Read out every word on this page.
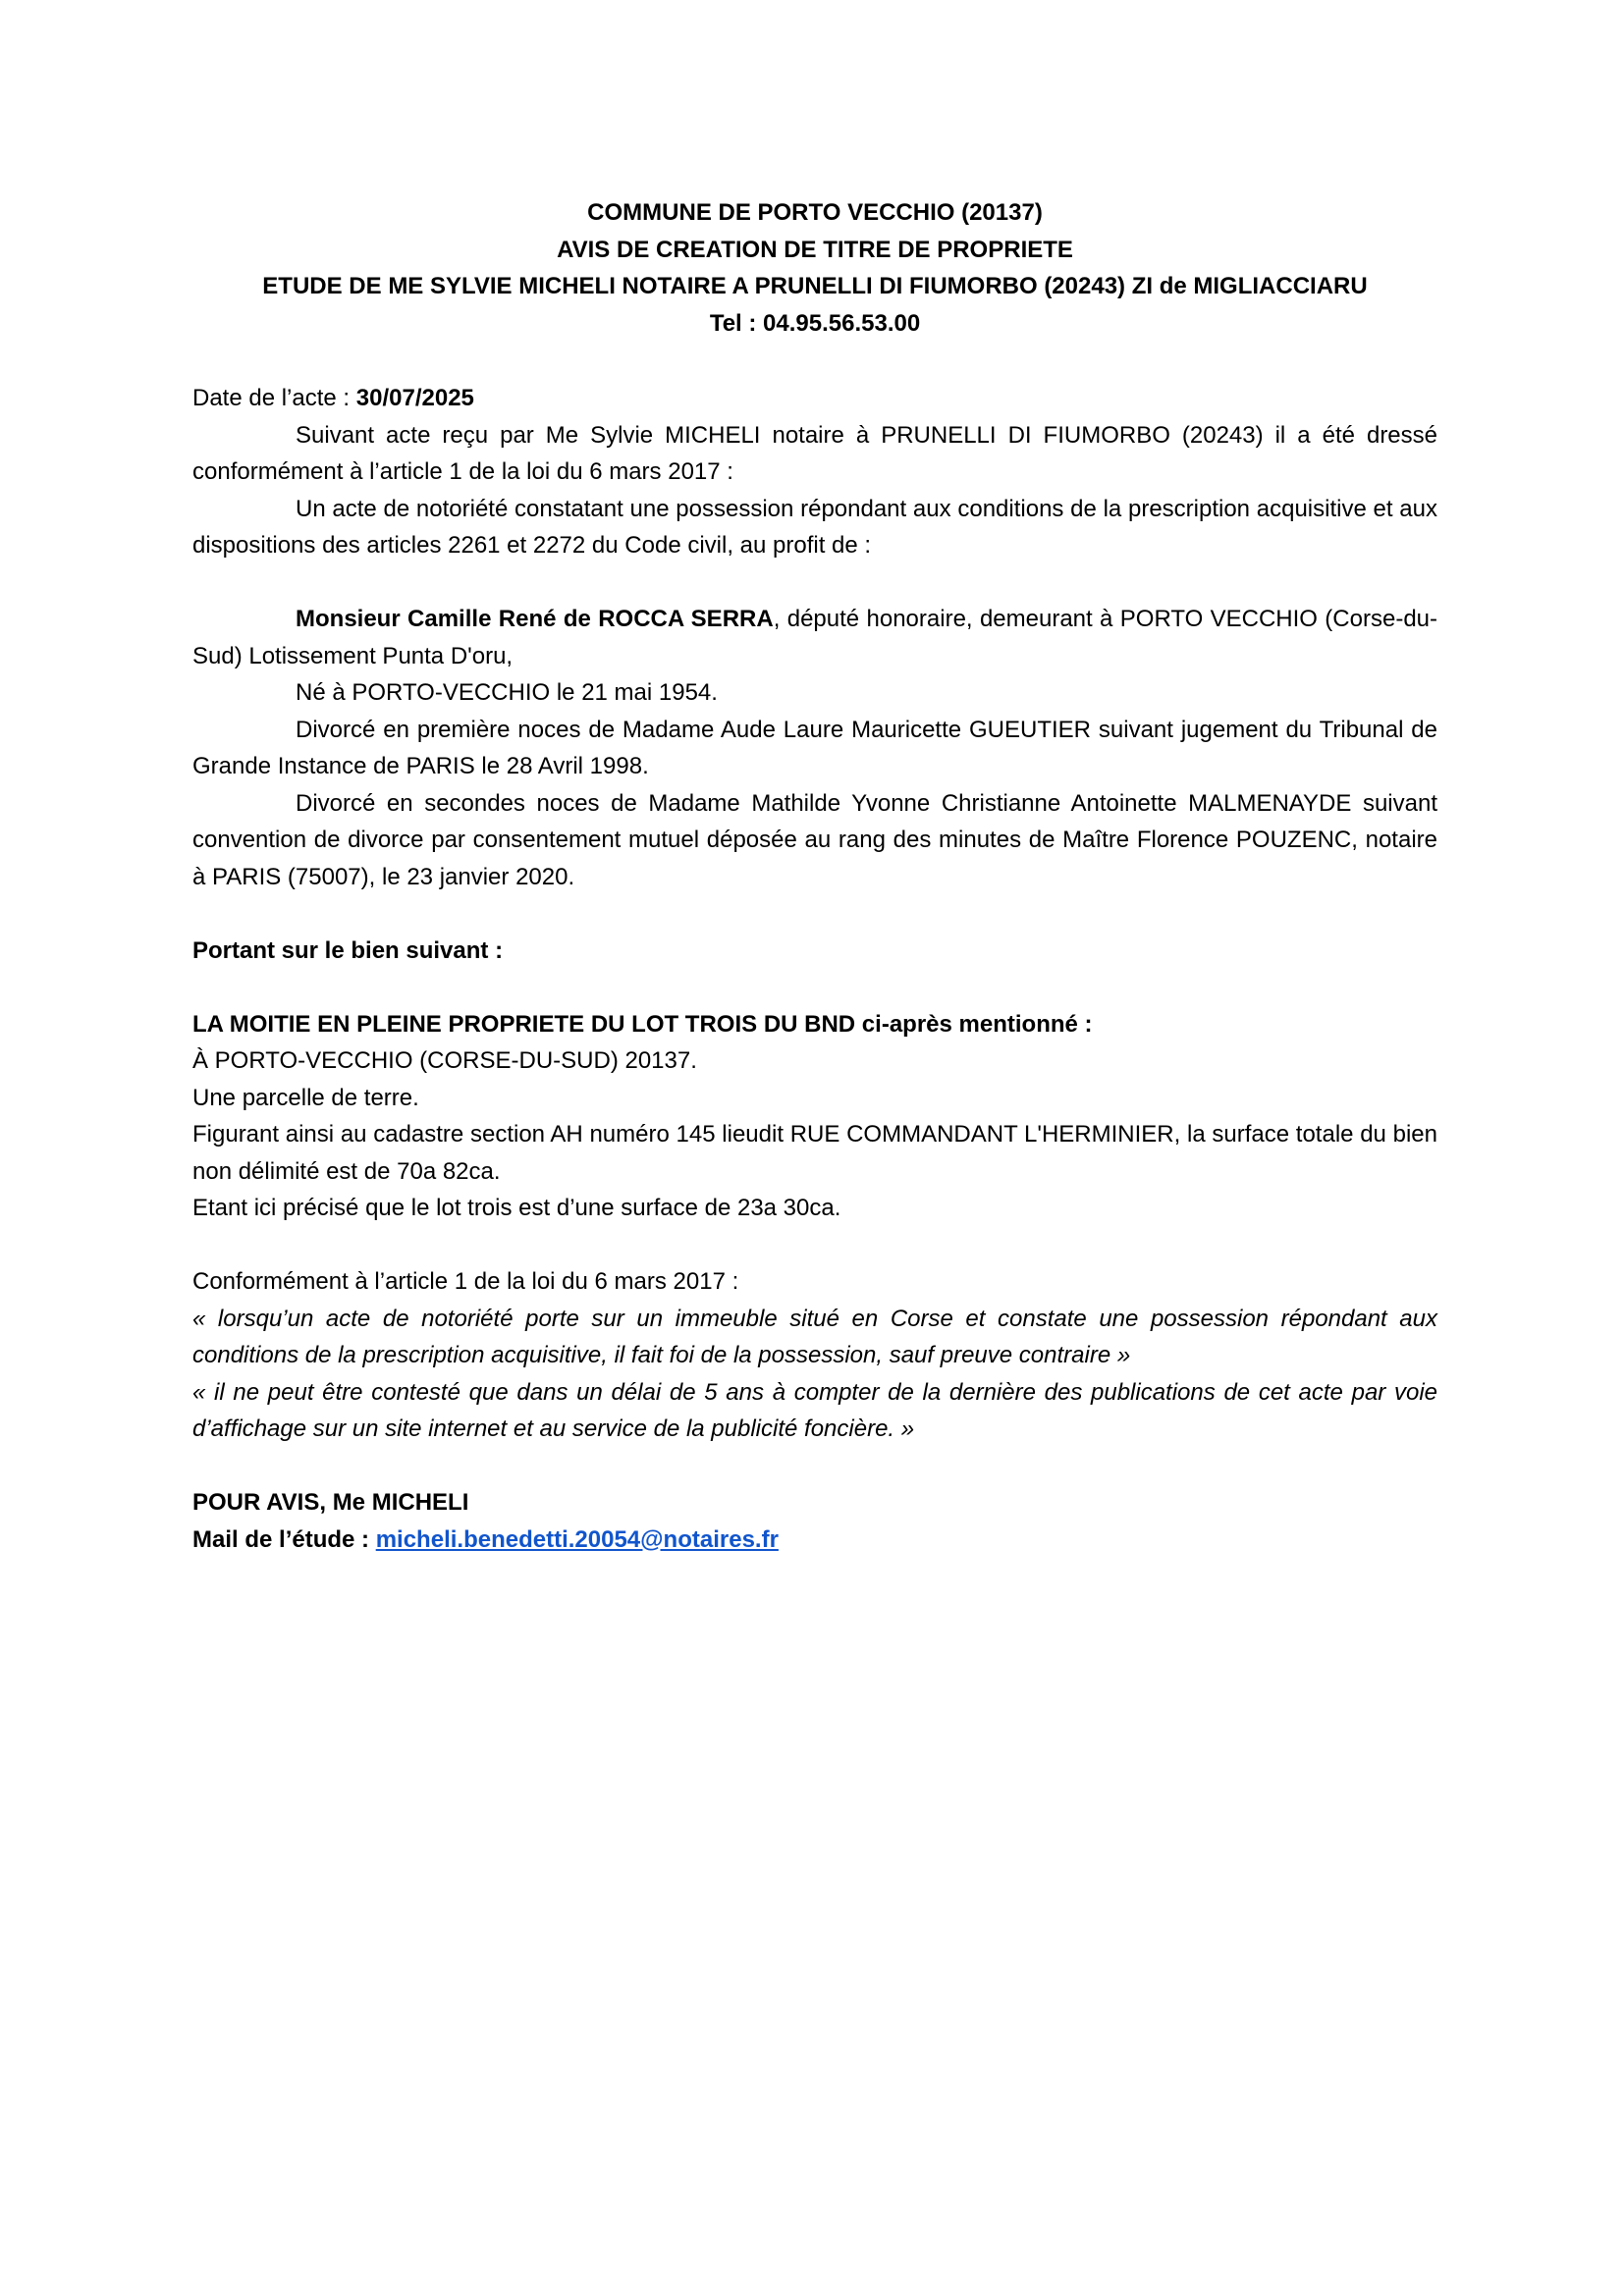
COMMUNE DE PORTO VECCHIO (20137)
AVIS DE CREATION DE TITRE DE PROPRIETE
ETUDE DE ME SYLVIE MICHELI NOTAIRE A PRUNELLI DI FIUMORBO (20243) ZI de MIGLIACCIARU
Tel : 04.95.56.53.00

Date de l’acte : 30/07/2025

Suivant acte reçu par Me Sylvie MICHELI notaire à PRUNELLI DI FIUMORBO (20243) il a été dressé conformément à l’article 1 de la loi du 6 mars 2017 :

Un acte de notoriété constatant une possession répondant aux conditions de la prescription acquisitive et aux dispositions des articles 2261 et 2272 du Code civil, au profit de :

Monsieur Camille René de ROCCA SERRA, député honoraire, demeurant à PORTO VECCHIO (Corse-du-Sud) Lotissement Punta D'oru,

Né à PORTO-VECCHIO le 21 mai 1954.

Divorcé en première noces de Madame Aude Laure Mauricette GUEUTIER suivant jugement du Tribunal de Grande Instance de PARIS le 28 Avril 1998.

Divorcé en secondes noces de Madame Mathilde Yvonne Christianne Antoinette MALMENAYDE suivant convention de divorce par consentement mutuel déposée au rang des minutes de Maître Florence POUZENC, notaire à PARIS (75007), le 23 janvier 2020.

Portant sur le bien suivant :

LA MOITIE EN PLEINE PROPRIETE DU LOT TROIS DU BND ci-après mentionné :

À PORTO-VECCHIO (CORSE-DU-SUD) 20137.

Une parcelle de terre.

Figurant ainsi au cadastre section AH numéro 145 lieudit RUE COMMANDANT L'HERMINIER, la surface totale du bien non délimité est de 70a 82ca.

Etant ici précisé que le lot trois est d’une surface de 23a 30ca.

Conformément à l’article 1 de la loi du 6 mars 2017 :

« lorsqu’un acte de notoriété porte sur un immeuble situé en Corse et constate une possession répondant aux conditions de la prescription acquisitive, il fait foi de la possession, sauf preuve contraire »

« il ne peut être contesté que dans un délai de 5 ans à compter de la dernière des publications de cet acte par voie d’affichage sur un site internet et au service de la publicité foncière. »

POUR AVIS, Me MICHELI

Mail de l’étude : micheli.benedetti.20054@notaires.fr
